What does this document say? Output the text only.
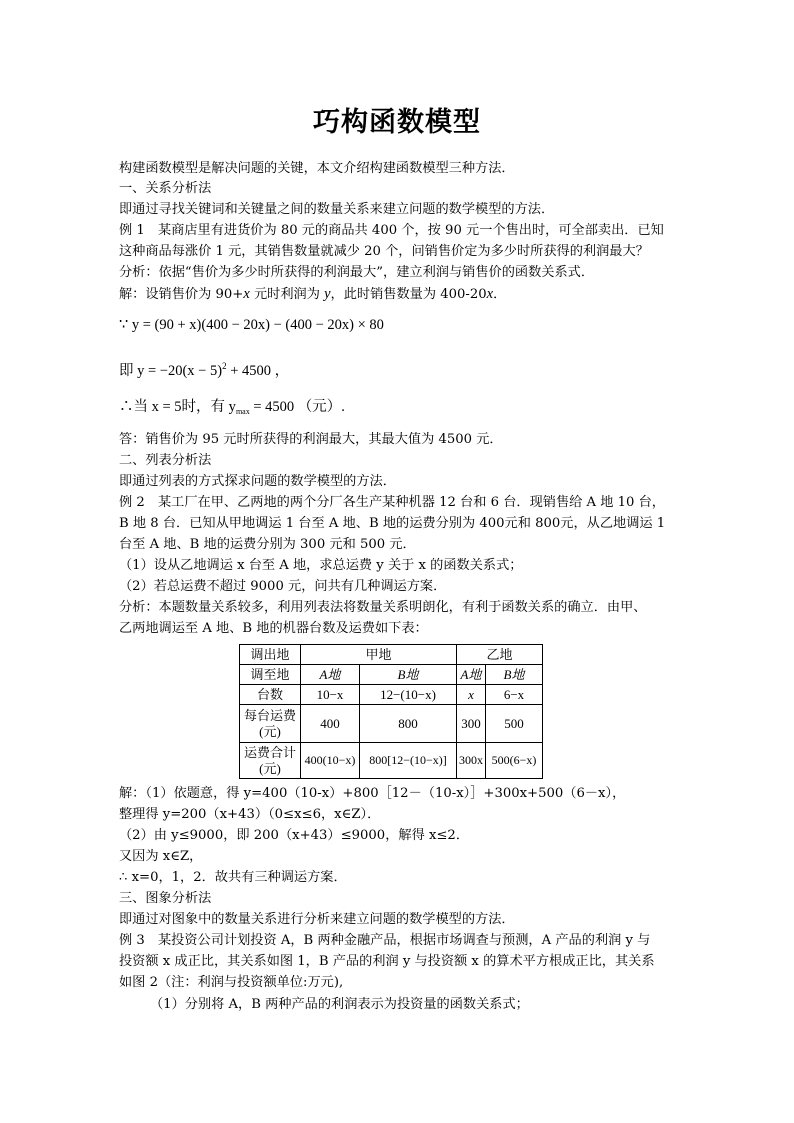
巧构函数模型
构建函数模型是解决问题的关键，本文介绍构建函数模型三种方法．
一、关系分析法
即通过寻找关键词和关键量之间的数量关系来建立问题的数学模型的方法．
例 1　某商店里有进货价为 80 元的商品共 400 个，按 90 元一个售出时，可全部卖出．已知
这种商品每涨价 1 元，其销售数量就减少 20 个，问销售价定为多少时所获得的利润最大？
分析：依据“售价为多少时所获得的利润最大”，建立利润与销售价的函数关系式．
解：设销售价为 90+x 元时利润为 y，此时销售数量为 400-20x．
∵ y = (90 + x)(400 − 20x) − (400 − 20x) × 80
即 $y = -20(x - 5)^2 + 4500$ ，
∴当 x = 5时，有 $y_{max} = 4500$ （元）.
答：销售价为 95 元时所获得的利润最大，其最大值为 4500 元．
二、列表分析法
即通过列表的方式探求问题的数学模型的方法．
例 2　某工厂在甲、乙两地的两个分厂各生产某种机器 12 台和 6 台．现销售给 A 地 10 台，
B 地 8 台．已知从甲地调运 1 台至 A 地、B 地的运费分别为 400元和 800元，从乙地调运 1
台至 A 地、B 地的运费分别为 300 元和 500 元．
（1）设从乙地调运 x 台至 A 地，求总运费 y 关于 x 的函数关系式；
（2）若总运费不超过 9000 元，问共有几种调运方案．
分析：本题数量关系较多，利用列表法将数量关系明朗化，有利于函数关系的确立．由甲、
乙两地调运至 A 地、B 地的机器台数及运费如下表：
调出地	甲地		乙地	
调至地	A地	B地	A地	B地
台数	10−x	12−(10−x)	x	6−x
每台运费(元)	400	800	300	500
运费合计(元)	400(10−x)	800[12−(10−x)]	300x	500(6−x)
解：（1）依题意，得 y=400（10-x）+800［12－（10-x）］+300x+500（6－x），
整理得 y=200（x+43）（0≤x≤6，x∈Z）．
（2）由 y≤9000，即 200（x+43）≤9000，解得 x≤2．
又因为 x∈Z，
∴ x=0，1，2．故共有三种调运方案．
三、图象分析法
即通过对图象中的数量关系进行分析来建立问题的数学模型的方法．
例 3　某投资公司计划投资 A，B 两种金融产品，根据市场调查与预测，A 产品的利润 y 与
投资额 x 成正比，其关系如图 1，B 产品的利润 y 与投资额 x 的算术平方根成正比，其关系
如图 2（注：利润与投资额单位:万元),
（1）分别将 A，B 两种产品的利润表示为投资量的函数关系式；
